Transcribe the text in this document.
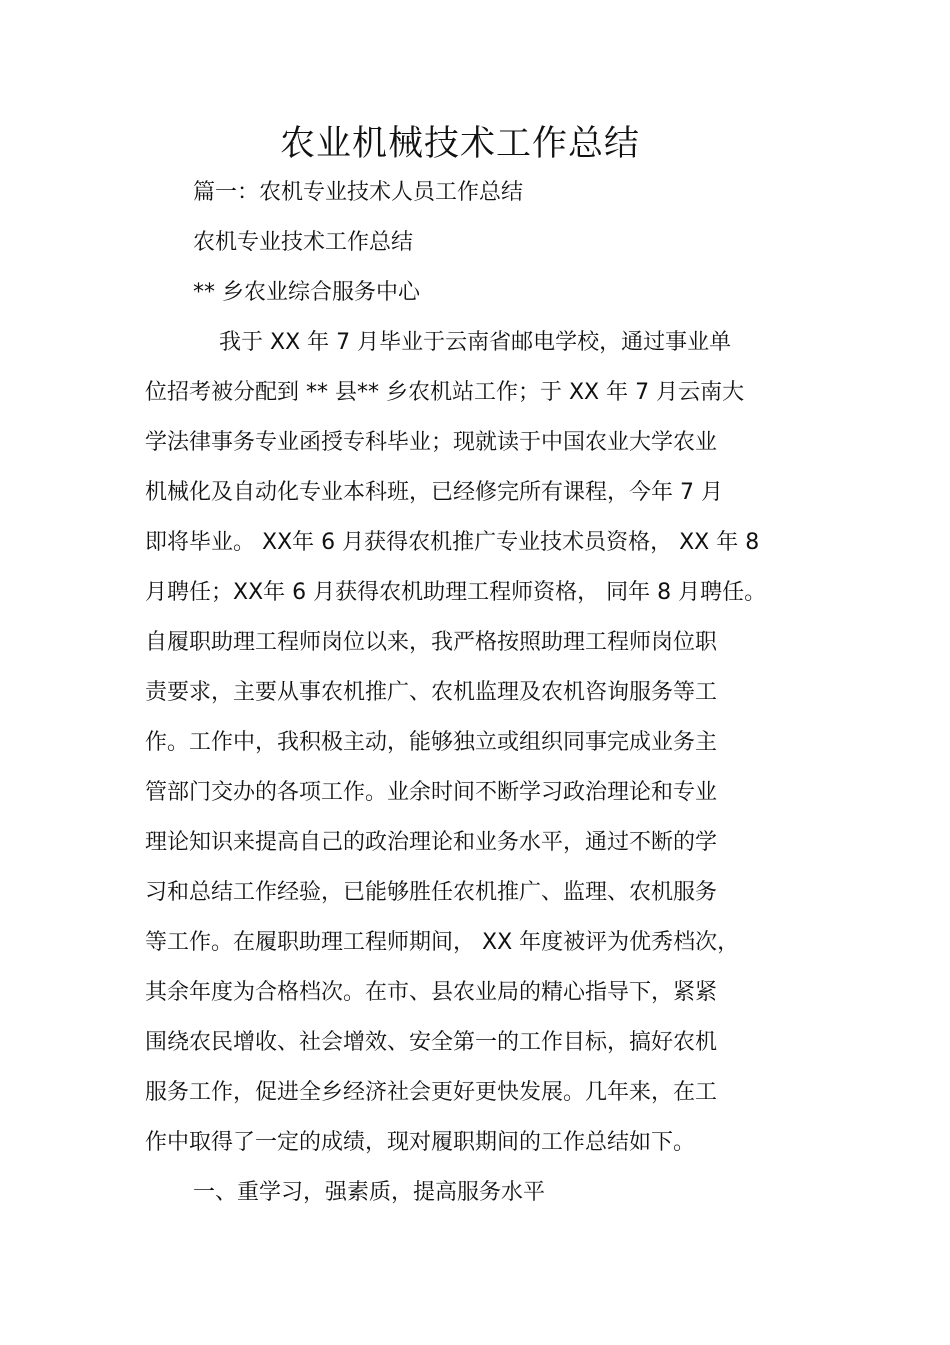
农业机械技术工作总结
篇一：农机专业技术人员工作总结
农机专业技术工作总结
** 乡农业综合服务中心
我于 XX 年 7 月毕业于云南省邮电学校，通过事业单
位招考被分配到 ** 县** 乡农机站工作；于 XX 年 7 月云南大
学法律事务专业函授专科毕业；现就读于中国农业大学农业
机械化及自动化专业本科班，已经修完所有课程，今年 7 月
即将毕业。 XX年 6 月获得农机推广专业技术员资格， XX 年 8
月聘任；XX年 6 月获得农机助理工程师资格， 同年 8 月聘任。
自履职助理工程师岗位以来，我严格按照助理工程师岗位职
责要求，主要从事农机推广、农机监理及农机咨询服务等工
作。工作中，我积极主动，能够独立或组织同事完成业务主
管部门交办的各项工作。业余时间不断学习政治理论和专业
理论知识来提高自己的政治理论和业务水平，通过不断的学
习和总结工作经验，已能够胜任农机推广、监理、农机服务
等工作。在履职助理工程师期间， XX 年度被评为优秀档次，
其余年度为合格档次。在市、县农业局的精心指导下，紧紧
围绕农民增收、社会增效、安全第一的工作目标，搞好农机
服务工作，促进全乡经济社会更好更快发展。几年来，在工
作中取得了一定的成绩，现对履职期间的工作总结如下。
一、重学习，强素质，提高服务水平
